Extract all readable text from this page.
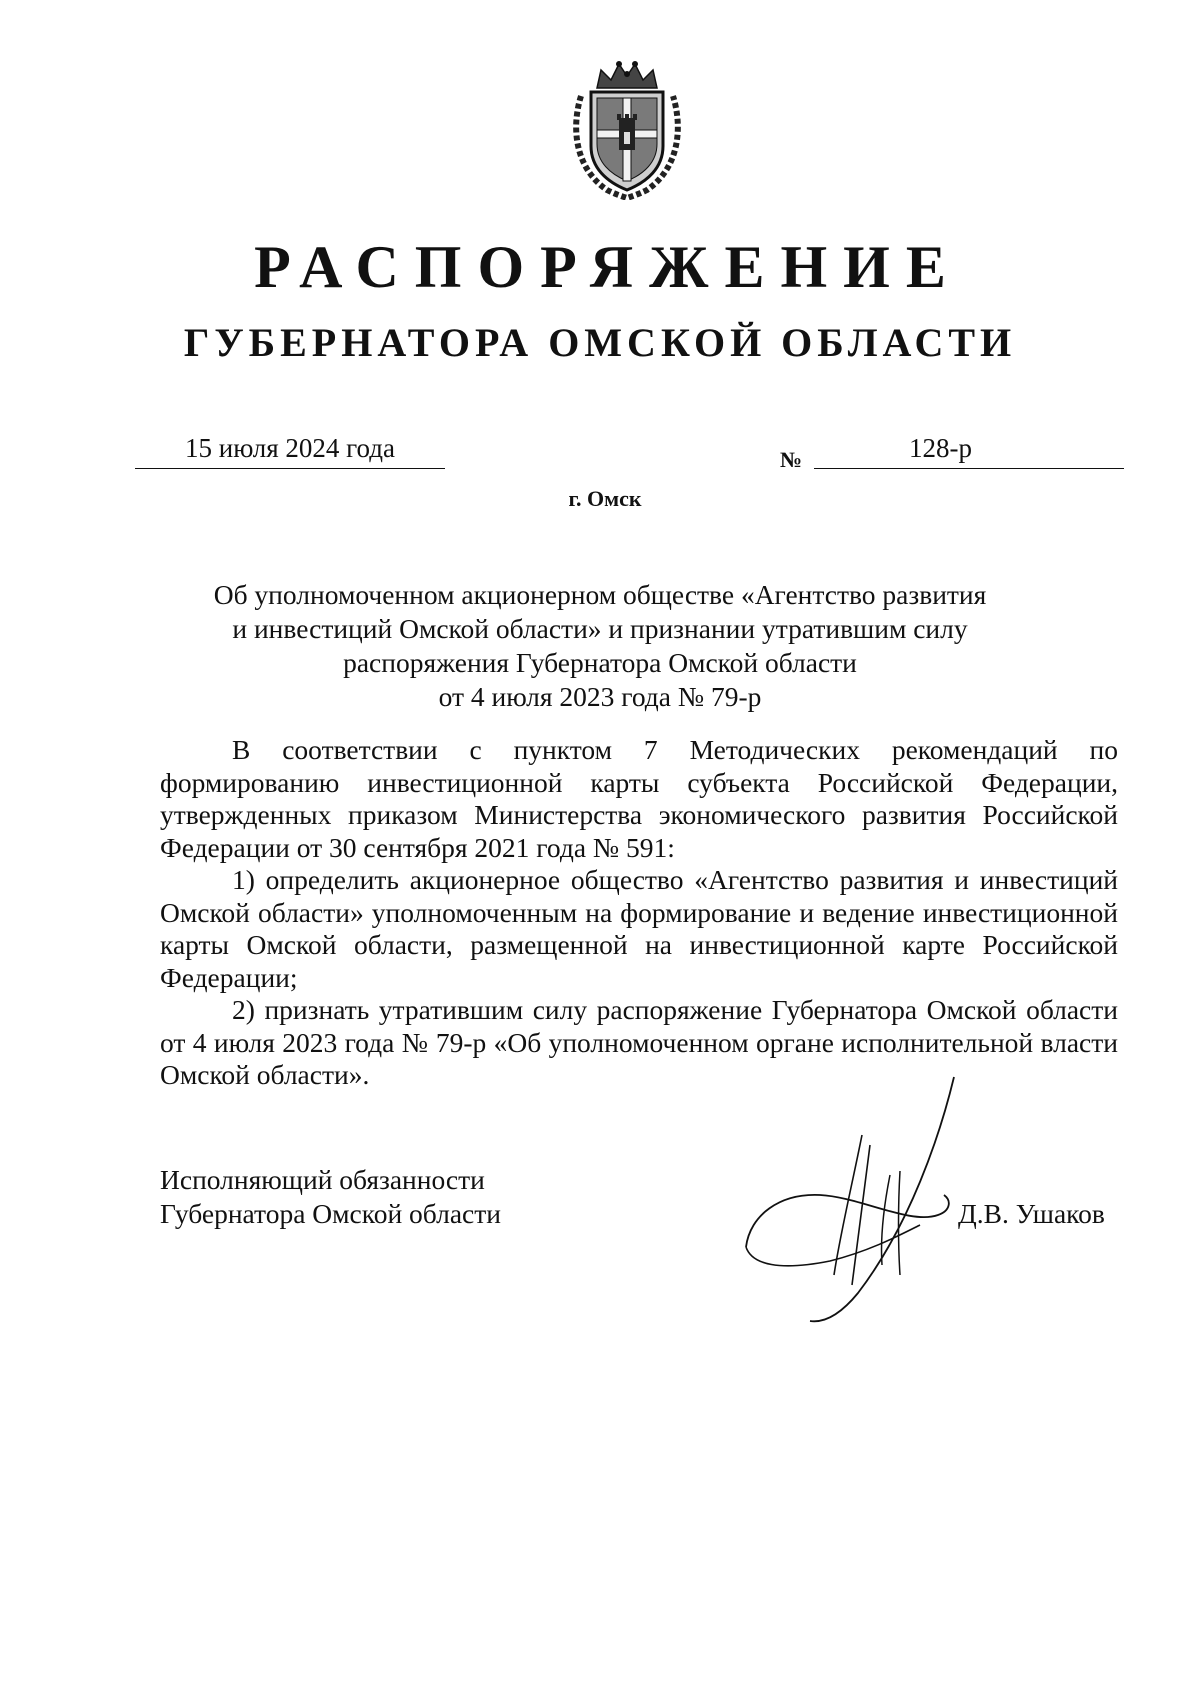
РАСПОРЯЖЕНИЕ
ГУБЕРНАТОРА ОМСКОЙ ОБЛАСТИ
15 июля 2024 года	№	128-р
г. Омск
Об уполномоченном акционерном обществе «Агентство развития
и инвестиций Омской области» и признании утратившим силу
распоряжения Губернатора Омской области
от 4 июля 2023 года № 79-р

В соответствии с пунктом 7 Методических рекомендаций по формированию инвестиционной карты субъекта Российской Федерации, утвержденных приказом Министерства экономического развития Российской Федерации от 30 сентября 2021 года № 591:

1) определить акционерное общество «Агентство развития и инвестиций Омской области» уполномоченным на формирование и ведение инвестиционной карты Омской области, размещенной на инвестиционной карте Российской Федерации;

2) признать утратившим силу распоряжение Губернатора Омской области от 4 июля 2023 года № 79-р «Об уполномоченном органе исполнительной власти Омской области».

Исполняющий обязанности
Губернатора Омской области	Д.В. Ушаков
